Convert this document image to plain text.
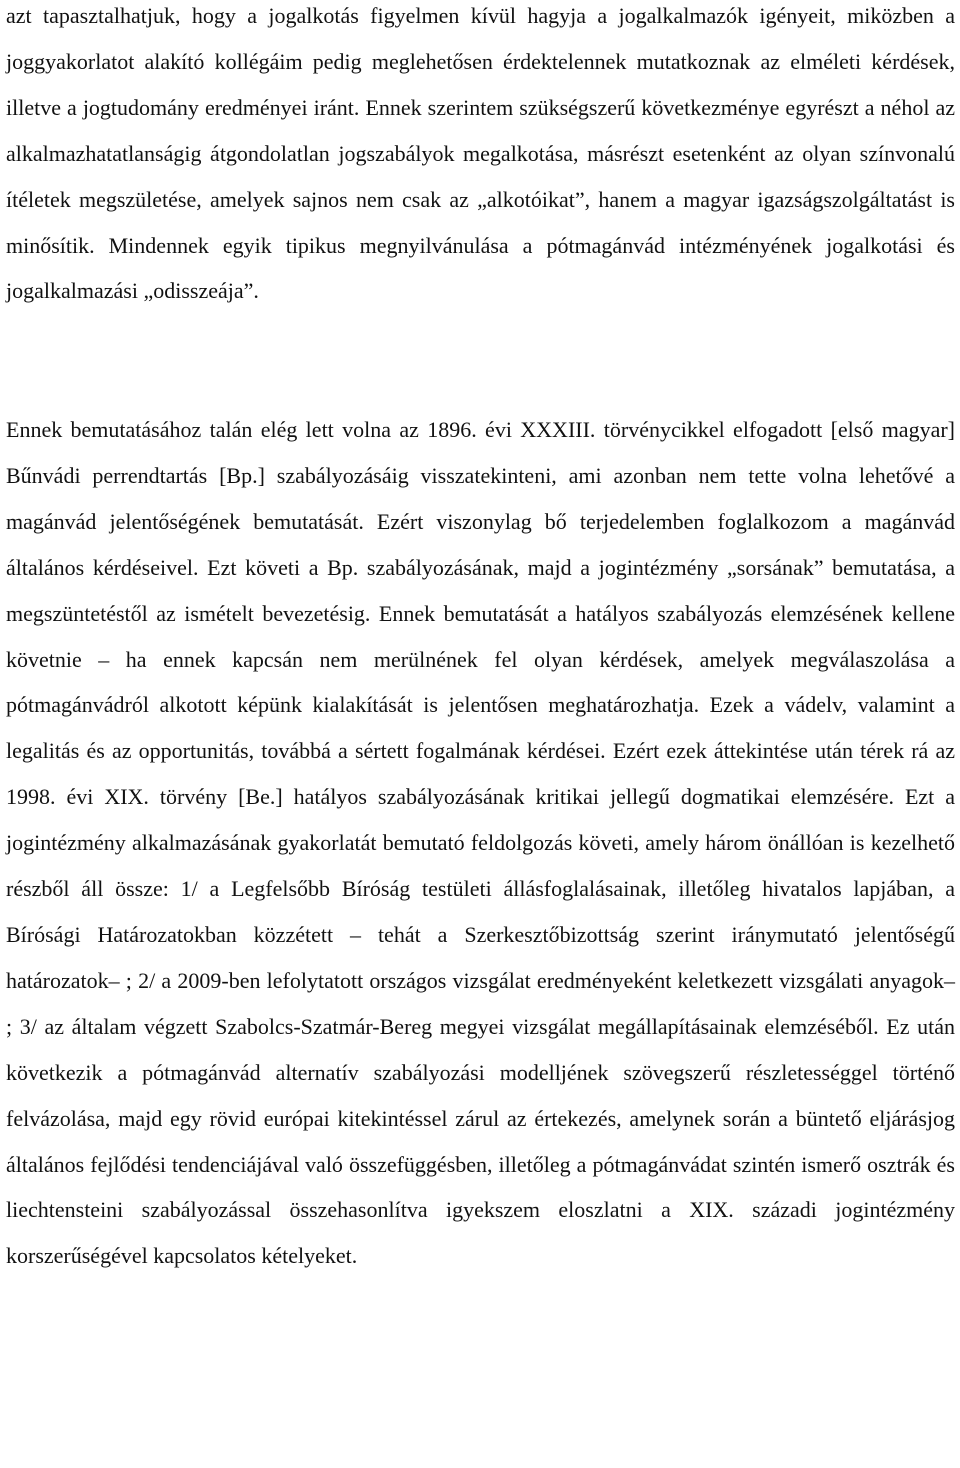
azt tapasztalhatjuk, hogy a jogalkotás figyelmen kívül hagyja a jogalkalmazók igényeit, miközben a joggyakorlatot alakító kollégáim pedig meglehetősen érdektelennek mutatkoznak az elméleti kérdések, illetve a jogtudomány eredményei iránt. Ennek szerintem szükségszerű következménye egyrészt a néhol az alkalmazhatatlanságig átgondolatlan jogszabályok megalkotása, másrészt esetenként az olyan színvonalú ítéletek megszületése, amelyek sajnos nem csak az „alkotóikat”, hanem a magyar igazságszolgáltatást is minősítik. Mindennek egyik tipikus megnyilvánulása a pótmagánvád intézményének jogalkotási és jogalkalmazási „odisszeája”.

Ennek bemutatásához talán elég lett volna az 1896. évi XXXIII. törvénycikkel elfogadott [első magyar] Bűnvádi perrendtartás [Bp.] szabályozásáig visszatekinteni, ami azonban nem tette volna lehetővé a magánvád jelentőségének bemutatását. Ezért viszonylag bő terjedelemben foglalkozom a magánvád általános kérdéseivel. Ezt követi a Bp. szabályozásának, majd a jogintézmény „sorsának” bemutatása, a megszüntetéstől az ismételt bevezetésig. Ennek bemutatását a hatályos szabályozás elemzésének kellene követnie – ha ennek kapcsán nem merülnének fel olyan kérdések, amelyek megválaszolása a pótmagánvádról alkotott képünk kialakítását is jelentősen meghatározhatja. Ezek a vádelv, valamint a legalitás és az opportunitás, továbbá a sértett fogalmának kérdései. Ezért ezek áttekintése után térek rá az 1998. évi XIX. törvény [Be.] hatályos szabályozásának kritikai jellegű dogmatikai elemzésére. Ezt a jogintézmény alkalmazásának gyakorlatát bemutató feldolgozás követi, amely három önállóan is kezelhető részből áll össze: 1/ a Legfelsőbb Bíróság testületi állásfoglalásainak, illetőleg hivatalos lapjában, a Bírósági Határozatokban közzétett – tehát a Szerkesztőbizottság szerint iránymutató jelentőségű határozatok– ; 2/ a 2009-ben lefolytatott országos vizsgálat eredményeként keletkezett vizsgálati anyagok– ; 3/ az általam végzett Szabolcs-Szatmár-Bereg megyei vizsgálat megállapításainak elemzéséből. Ez után következik a pótmagánvád alternatív szabályozási modelljének szövegszerű részletességgel történő felvázolása, majd egy rövid európai kitekintéssel zárul az értekezés, amelynek során a büntető eljárásjog általános fejlődési tendenciájával való összefüggésben, illetőleg a pótmagánvádat szintén ismerő osztrák és liechtensteini szabályozással összehasonlítva igyekszem eloszlatni a XIX. századi jogintézmény korszerűségével kapcsolatos kételyeket.
